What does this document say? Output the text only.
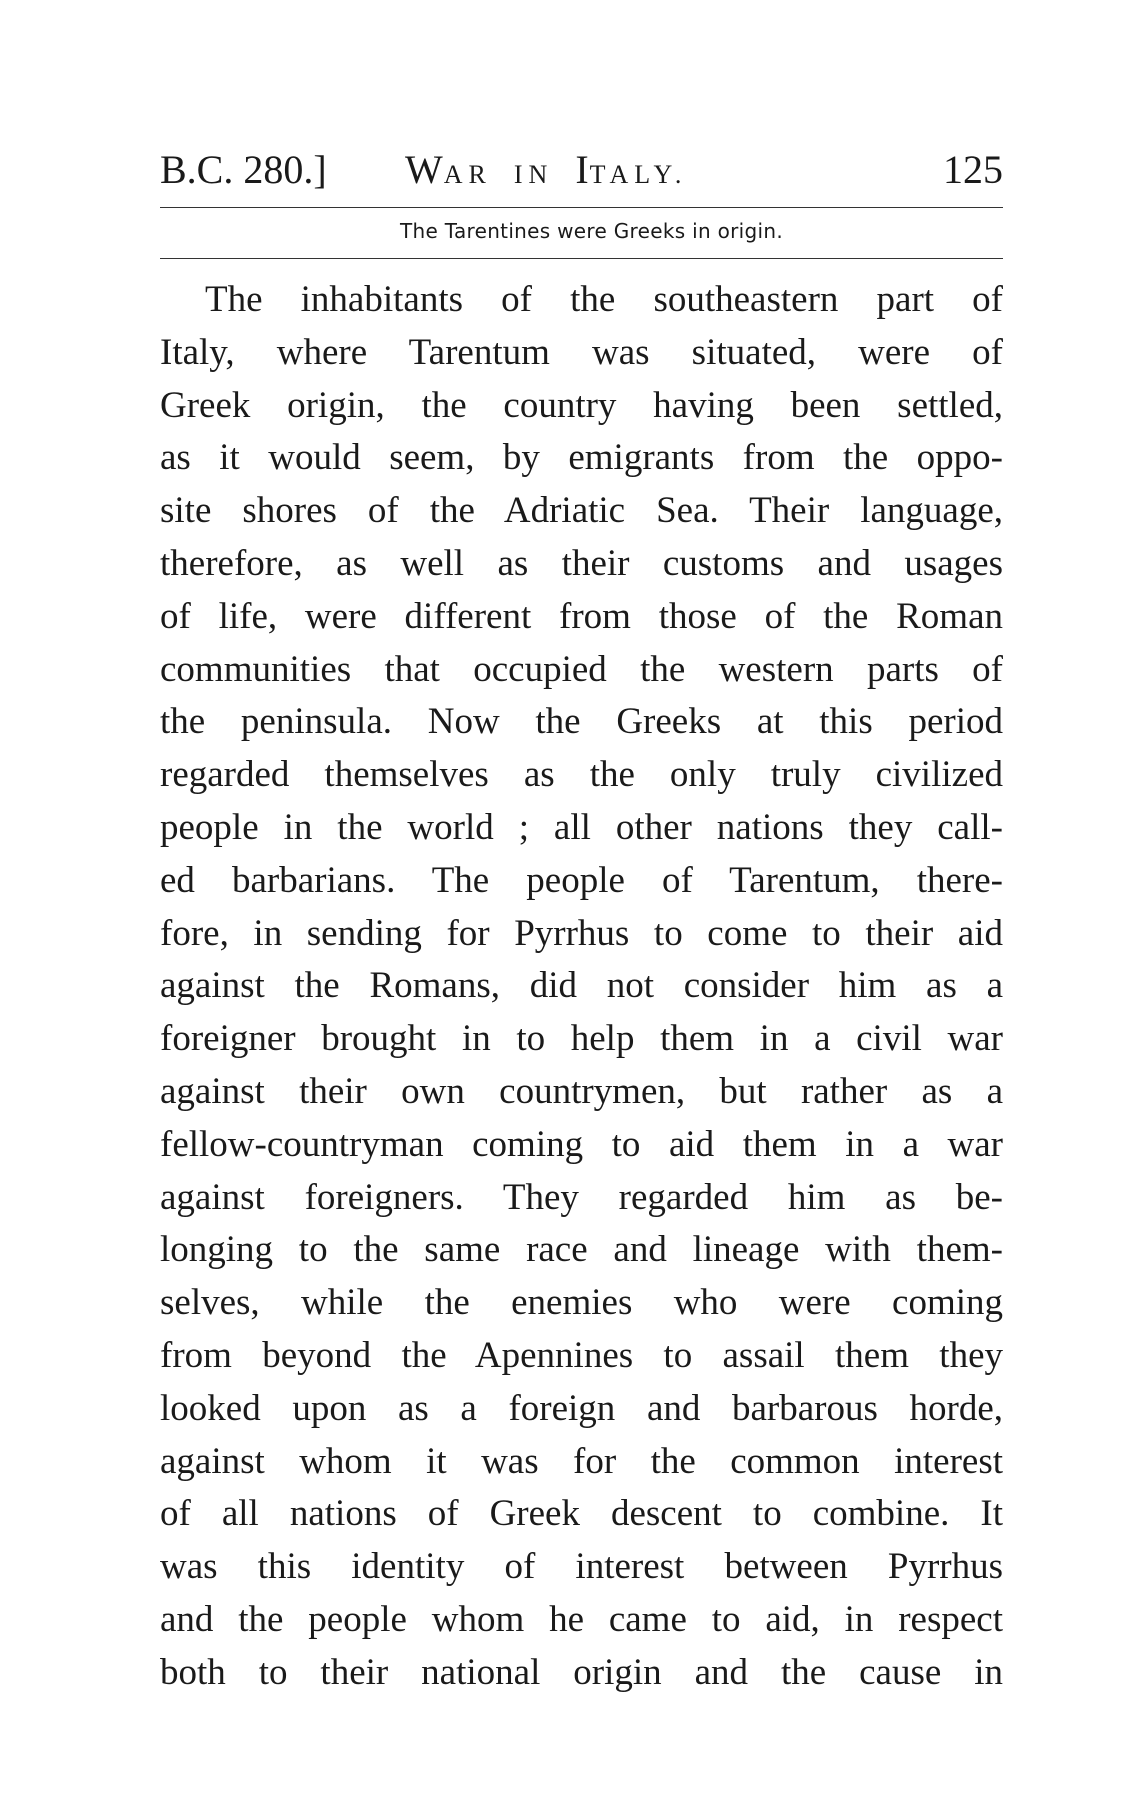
B.C. 280.] WAR IN ITALY.	125
The Tarentines were Greeks in origin.
The inhabitants of the southeastern part of
Italy, where Tarentum was situated, were of
Greek origin, the country having been settled,
as it would seem, by emigrants from the oppo-
site shores of the Adriatic Sea. Their language,
therefore, as well as their customs and usages
of life, were different from those of the Roman
communities that occupied the western parts of
the peninsula. Now the Greeks at this period
regarded themselves as the only truly civilized
people in the world ; all other nations they call-
ed barbarians. The people of Tarentum, there-
fore, in sending for Pyrrhus to come to their aid
against the Romans, did not consider him as a
foreigner brought in to help them in a civil war
against their own countrymen, but rather as a
fellow-countryman coming to aid them in a war
against foreigners. They regarded him as be-
longing to the same race and lineage with them-
selves, while the enemies who were coming
from beyond the Apennines to assail them they
looked upon as a foreign and barbarous horde,
against whom it was for the common interest
of all nations of Greek descent to combine. It
was this identity of interest between Pyrrhus
and the people whom he came to aid, in respect
both to their national origin and the cause in
